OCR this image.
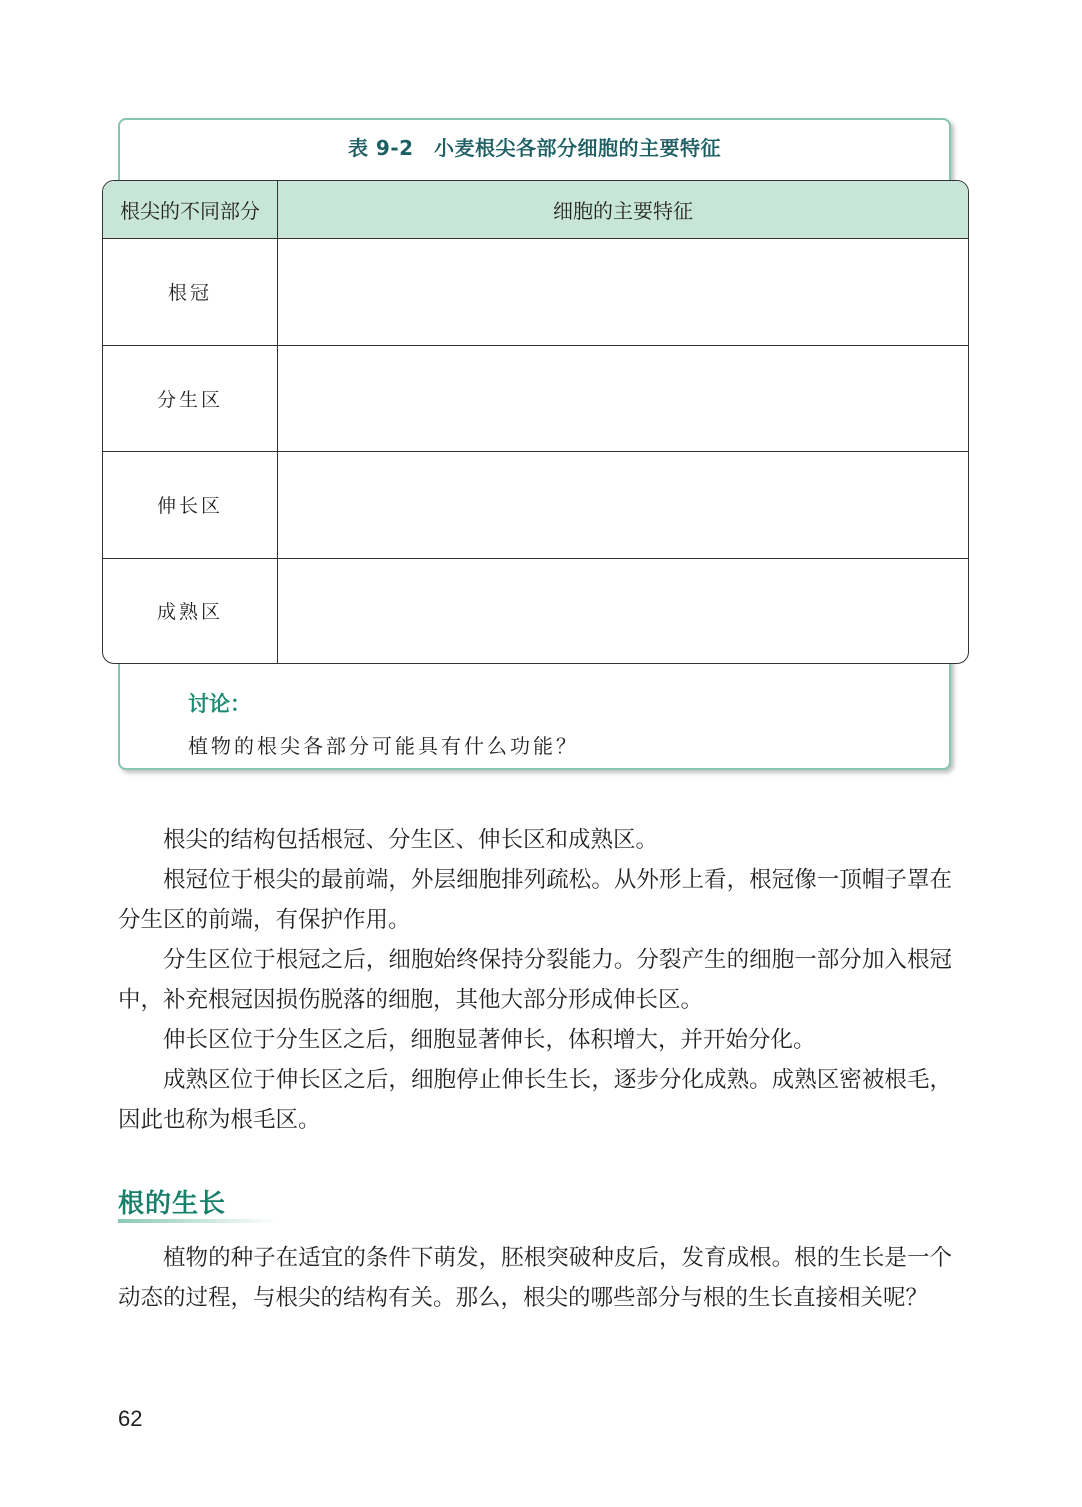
表 9-2　小麦根尖各部分细胞的主要特征
根尖的不同部分	细胞的主要特征
根冠	
分生区	
伸长区	
成熟区	
讨论：
植物的根尖各部分可能具有什么功能？

根尖的结构包括根冠、分生区、伸长区和成熟区。

根冠位于根尖的最前端，外层细胞排列疏松。从外形上看，根冠像一顶帽子罩在分生区的前端，有保护作用。

分生区位于根冠之后，细胞始终保持分裂能力。分裂产生的细胞一部分加入根冠中，补充根冠因损伤脱落的细胞，其他大部分形成伸长区。

伸长区位于分生区之后，细胞显著伸长，体积增大，并开始分化。

成熟区位于伸长区之后，细胞停止伸长生长，逐步分化成熟。成熟区密被根毛，因此也称为根毛区。

根的生长

植物的种子在适宜的条件下萌发，胚根突破种皮后，发育成根。根的生长是一个动态的过程，与根尖的结构有关。那么，根尖的哪些部分与根的生长直接相关呢？

62
